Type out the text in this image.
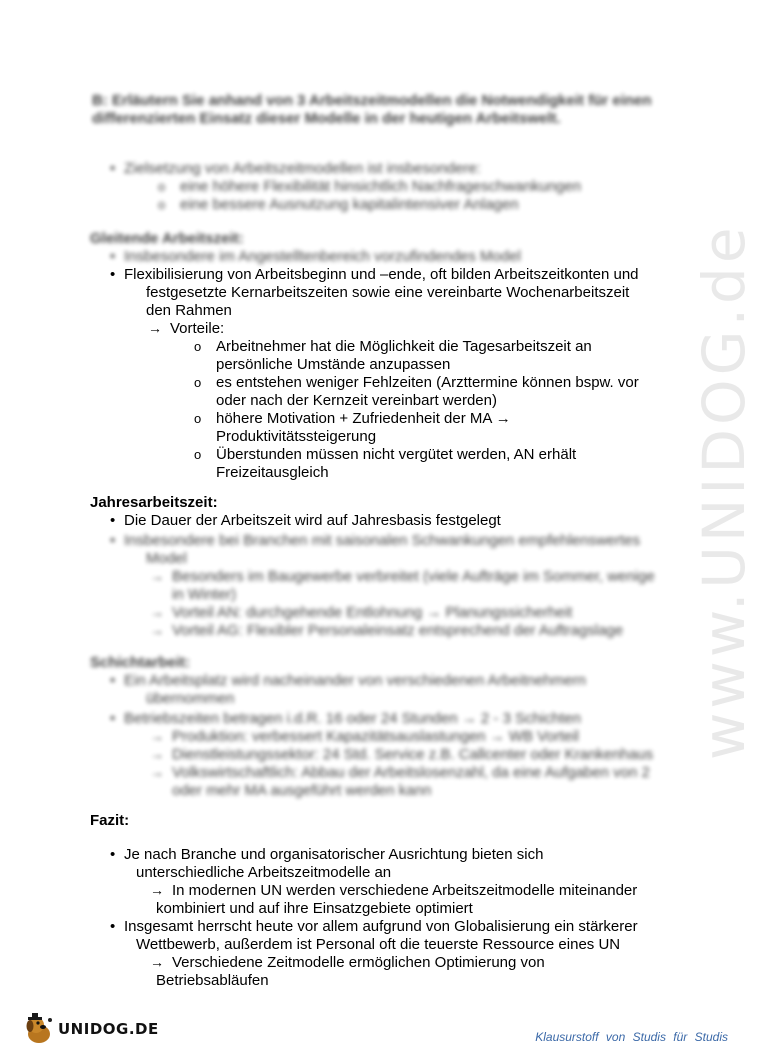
www.UNIDOG.de
B: Erläutern Sie anhand von 3 Arbeitszeitmodellen die Notwendigkeit für einen differenzierten Einsatz dieser Modelle in der heutigen Arbeitswelt.
• Zielsetzung von Arbeitszeitmodellen ist insbesondere:
o eine höhere Flexibilität hinsichtlich Nachfrageschwankungen
o eine bessere Ausnutzung kapitalintensiver Anlagen
Gleitende Arbeitszeit:
• Insbesondere im Angestelltenbereich vorzufindendes Model
• Flexibilisierung von Arbeitsbeginn und –ende, oft bilden Arbeitszeitkonten und
festgesetzte Kernarbeitszeiten sowie eine vereinbarte Wochenarbeitszeit
den Rahmen
→ Vorteile:
o Arbeitnehmer hat die Möglichkeit die Tagesarbeitszeit an
persönliche Umstände anzupassen
o es entstehen weniger Fehlzeiten (Arzttermine können bspw. vor
oder nach der Kernzeit vereinbart werden)
o höhere Motivation + Zufriedenheit der MA →
Produktivitätssteigerung
o Überstunden müssen nicht vergütet werden, AN erhält
Freizeitausgleich
Jahresarbeitszeit:
• Die Dauer der Arbeitszeit wird auf Jahresbasis festgelegt
• Insbesondere bei Branchen mit saisonalen Schwankungen empfehlenswertes
Model
→ Besonders im Baugewerbe verbreitet (viele Aufträge im Sommer, wenige
in Winter)
→ Vorteil AN: durchgehende Entlohnung → Planungssicherheit
→ Vorteil AG: Flexibler Personaleinsatz entsprechend der Auftragslage
Schichtarbeit:
• Ein Arbeitsplatz wird nacheinander von verschiedenen Arbeitnehmern
übernommen
• Betriebszeiten betragen i.d.R. 16 oder 24 Stunden → 2 - 3 Schichten
→ Produktion: verbessert Kapazitätsauslastungen → WB Vorteil
→ Dienstleistungssektor: 24 Std. Service z.B. Callcenter oder Krankenhaus
→ Volkswirtschaftlich: Abbau der Arbeitslosenzahl, da eine Aufgaben von 2
oder mehr MA ausgeführt werden kann
Fazit:
• Je nach Branche und organisatorischer Ausrichtung bieten sich
unterschiedliche Arbeitszeitmodelle an
→ In modernen UN werden verschiedene Arbeitszeitmodelle miteinander
kombiniert und auf ihre Einsatzgebiete optimiert
• Insgesamt herrscht heute vor allem aufgrund von Globalisierung ein stärkerer
Wettbewerb, außerdem ist Personal oft die teuerste Ressource eines UN
→ Verschiedene Zeitmodelle ermöglichen Optimierung von
Betriebsabläufen
UNIDOG.DE	Klausurstoff von Studis für Studis
